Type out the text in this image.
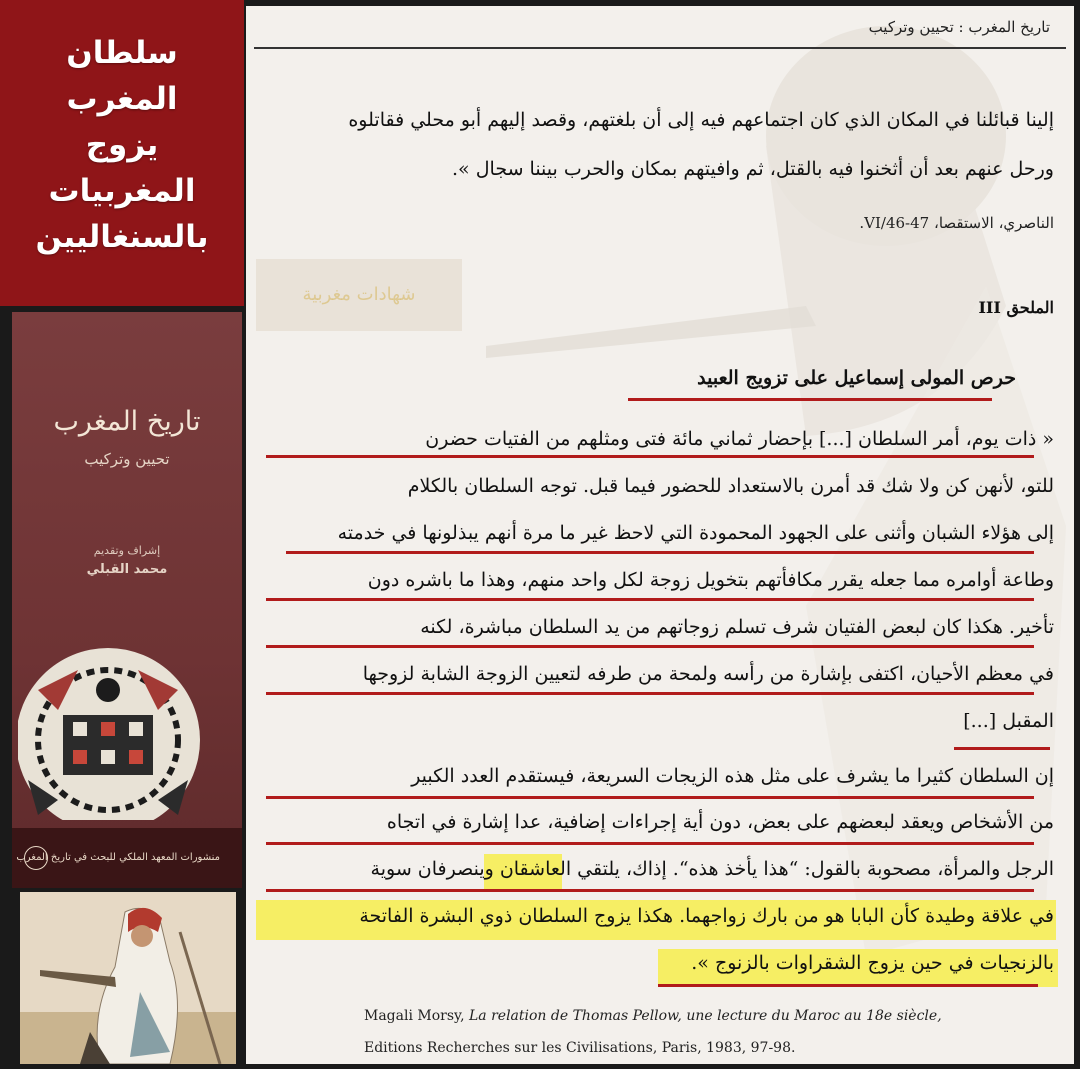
سلطان المغرب
يزوج المغربيات
بالسنغاليين
تاريخ المغرب
تحيين وتركيب
إشراف وتقديم
محمد القبلي
منشورات المعهد الملكي للبحث في تاريخ المغرب
تاريخ المغرب : تحيين وتركيب
إلينا قبائلنا في المكان الذي كان اجتماعهم فيه إلى أن بلغتهم، وقصد إليهم أبو محلي فقاتلوه
ورحل عنهم بعد أن أثخنوا فيه بالقتل، ثم وافيتهم بمكان والحرب بيننا سجال ».
الناصري، الاستقصا، VI/46-47.
شهادات مغربية
الملحق III
حرص المولى إسماعيل على تزويج العبيد
« ذات يوم، أمر السلطان [...] بإحضار ثماني مائة فتى ومثلهم من الفتيات حضرن
للتو، لأنهن كن ولا شك قد أمرن بالاستعداد للحضور فيما قبل. توجه السلطان بالكلام
إلى هؤلاء الشبان وأثنى على الجهود المحمودة التي لاحظ غير ما مرة أنهم يبذلونها في خدمته
وطاعة أوامره مما جعله يقرر مكافأتهم بتخويل زوجة لكل واحد منهم، وهذا ما باشره دون
تأخير. هكذا كان لبعض الفتيان شرف تسلم زوجاتهم من يد السلطان مباشرة، لكنه
في معظم الأحيان، اكتفى بإشارة من رأسه ولمحة من طرفه لتعيين الزوجة الشابة لزوجها
المقبل [...]
إن السلطان كثيرا ما يشرف على مثل هذه الزيجات السريعة، فيستقدم العدد الكبير
من الأشخاص ويعقد لبعضهم على بعض، دون أية إجراءات إضافية، عدا إشارة في اتجاه
الرجل والمرأة، مصحوبة بالقول: “هذا يأخذ هذه“. إذاك، يلتقي العاشقان وينصرفان سوية
في علاقة وطيدة كأن البابا هو من بارك زواجهما. هكذا يزوج السلطان ذوي البشرة الفاتحة
بالزنجيات في حين يزوج الشقراوات بالزنوج ».
Magali Morsy, La relation de Thomas Pellow, une lecture du Maroc au 18e siècle,
Editions Recherches sur les Civilisations, Paris, 1983, 97-98.
